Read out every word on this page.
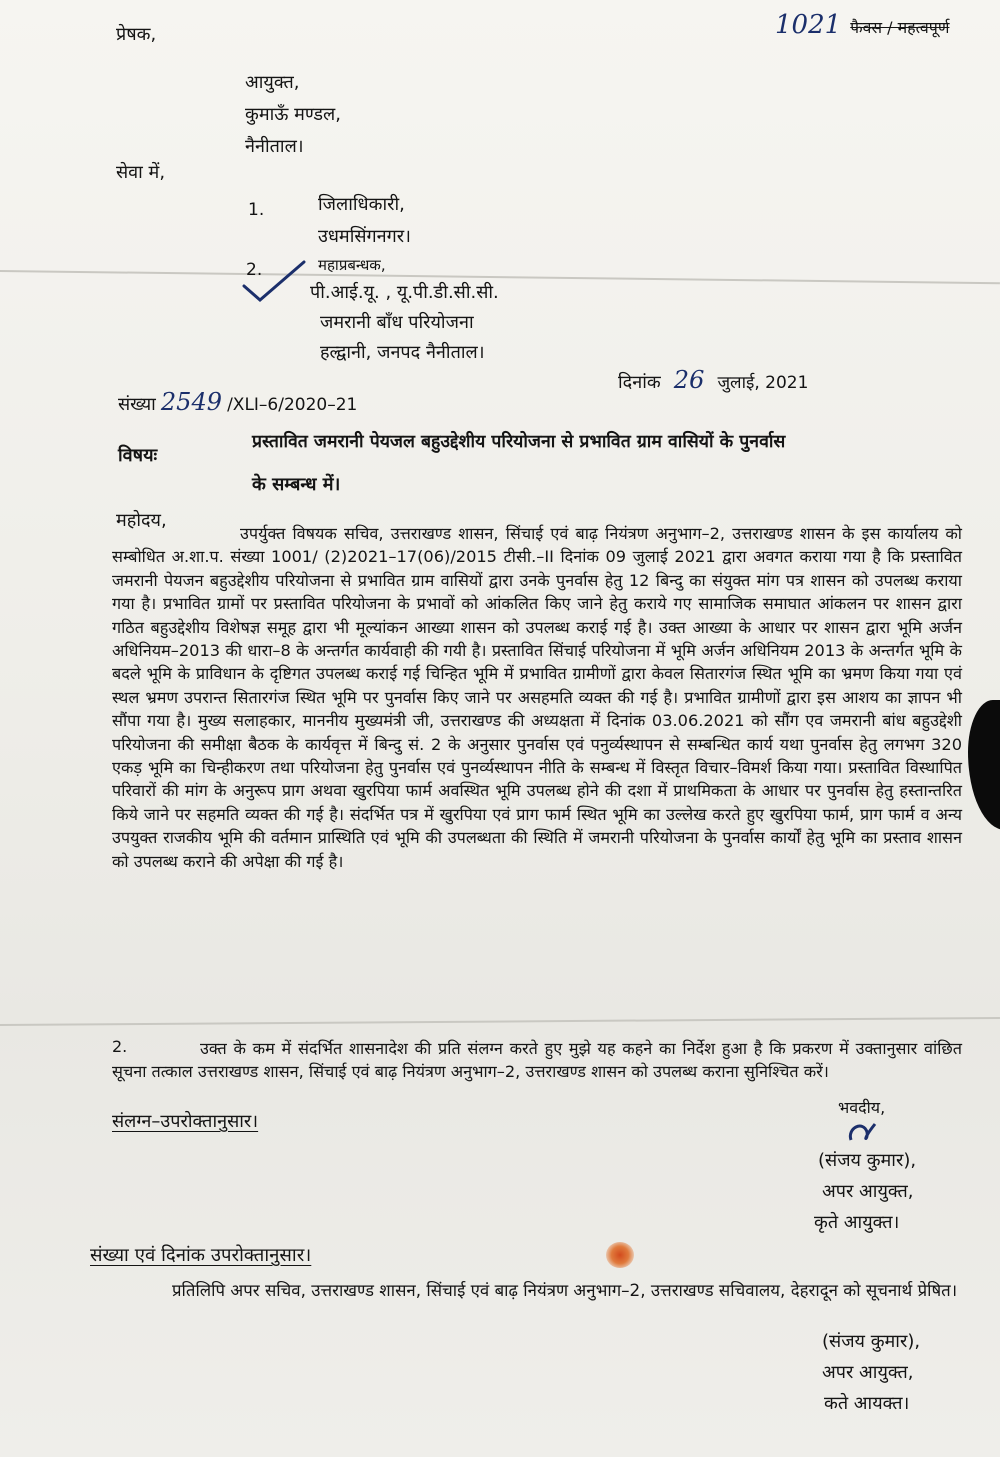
1021 फैक्स / महत्वपूर्ण
प्रेषक,
आयुक्त,
कुमाऊँ मण्डल,
नैनीताल।
सेवा में,
1.	जिलाधिकारी,
उधमसिंगनगर।
2.	महाप्रबन्धक,
पी.आई.यू. , यू.पी.डी.सी.सी.
जमरानी बाँध परियोजना
हल्द्वानी, जनपद नैनीताल।
संख्या 2549 /XLI–6/2020–21
दिनांक 26 जुलाई, 2021
विषयः
प्रस्तावित जमरानी पेयजल बहुउद्देशीय परियोजना से प्रभावित ग्राम वासियों के पुनर्वास
के सम्बन्ध में।
महोदय,
उपर्युक्त विषयक सचिव, उत्तराखण्ड शासन, सिंचाई एवं बाढ़ नियंत्रण अनुभाग–2, उत्तराखण्ड शासन के इस कार्यालय को सम्बोधित अ.शा.प. संख्या 1001/ (2)2021–17(06)/2015 टीसी.–II दिनांक 09 जुलाई 2021 द्वारा अवगत कराया गया है कि प्रस्तावित जमरानी पेयजन बहुउद्देशीय परियोजना से प्रभावित ग्राम वासियों द्वारा उनके पुनर्वास हेतु 12 बिन्दु का संयुक्त मांग पत्र शासन को उपलब्ध कराया गया है। प्रभावित ग्रामों पर प्रस्तावित परियोजना के प्रभावों को आंकलित किए जाने हेतु कराये गए सामाजिक समाघात आंकलन पर शासन द्वारा गठित बहुउद्देशीय विशेषज्ञ समूह द्वारा भी मूल्यांकन आख्या शासन को उपलब्ध कराई गई है। उक्त आख्या के आधार पर शासन द्वारा भूमि अर्जन अधिनियम–2013 की धारा–8 के अन्तर्गत कार्यवाही की गयी है। प्रस्तावित सिंचाई परियोजना में भूमि अर्जन अधिनियम 2013 के अन्तर्गत भूमि के बदले भूमि के प्राविधान के दृष्टिगत उपलब्ध कराई गई चिन्हित भूमि में प्रभावित ग्रामीणों द्वारा केवल सितारगंज स्थित भूमि का भ्रमण किया गया एवं स्थल भ्रमण उपरान्त सितारगंज स्थित भूमि पर पुनर्वास किए जाने पर असहमति व्यक्त की गई है। प्रभावित ग्रामीणों द्वारा इस आशय का ज्ञापन भी सौंपा गया है। मुख्य सलाहकार, माननीय मुख्यमंत्री जी, उत्तराखण्ड की अध्यक्षता में दिनांक 03.06.2021 को सौंग एव जमरानी बांध बहुउद्देशी परियोजना की समीक्षा बैठक के कार्यवृत्त में बिन्दु सं. 2 के अनुसार पुनर्वास एवं पनुर्व्यस्थापन से सम्बन्धित कार्य यथा पुनर्वास हेतु लगभग 320 एकड़ भूमि का चिन्हीकरण तथा परियोजना हेतु पुनर्वास एवं पुनर्व्यस्थापन नीति के सम्बन्ध में विस्तृत विचार–विमर्श किया गया। प्रस्तावित विस्थापित परिवारों की मांग के अनुरूप प्राग अथवा खुरपिया फार्म अवस्थित भूमि उपलब्ध होने की दशा में प्राथमिकता के आधार पर पुनर्वास हेतु हस्तान्तरित किये जाने पर सहमति व्यक्त की गई है। संदर्भित पत्र में खुरपिया एवं प्राग फार्म स्थित भूमि का उल्लेख करते हुए खुरपिया फार्म, प्राग फार्म व अन्य उपयुक्त राजकीय भूमि की वर्तमान प्रास्थिति एवं भूमि की उपलब्धता की स्थिति में जमरानी परियोजना के पुनर्वास कार्यों हेतु भूमि का प्रस्ताव शासन को उपलब्ध कराने की अपेक्षा की गई है।
2.	उक्त के कम में संदर्भित शासनादेश की प्रति संलग्न करते हुए मुझे यह कहने का निर्देश हुआ है कि प्रकरण में उक्तानुसार वांछित सूचना तत्काल उत्तराखण्ड शासन, सिंचाई एवं बाढ़ नियंत्रण अनुभाग–2, उत्तराखण्ड शासन को उपलब्ध कराना सुनिश्चित करें।
संलग्न–उपरोक्तानुसार।
भवदीय,
(संजय कुमार),
अपर आयुक्त,
कृते आयुक्त।
संख्या एवं दिनांक उपरोक्तानुसार।
प्रतिलिपि अपर सचिव, उत्तराखण्ड शासन, सिंचाई एवं बाढ़ नियंत्रण अनुभाग–2, उत्तराखण्ड सचिवालय, देहरादून को सूचनार्थ प्रेषित।
(संजय कुमार),
अपर आयुक्त,
कते आयक्त।
